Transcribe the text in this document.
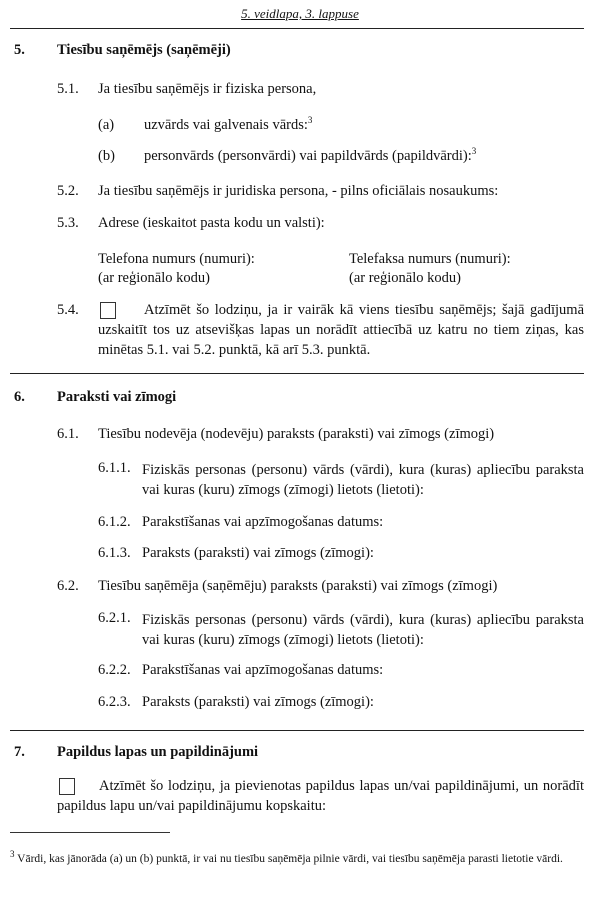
5. veidlapa, 3. lappuse
5. Tiesību saņēmējs (saņēmēji)
5.1. Ja tiesību saņēmējs ir fiziska persona,
(a) uzvārds vai galvenais vārds:$^3$
(b) personvārds (personvārdi) vai papildvārds (papildvārdi):$^3$
5.2. Ja tiesību saņēmējs ir juridiska persona, - pilns oficiālais nosaukums:
5.3. Adrese (ieskaitot pasta kodu un valsti):
Telefona numurs (numuri):
(ar reģionālo kodu)
Telefaksa numurs (numuri):
(ar reģionālo kodu)
5.4.	Atzīmēt šo lodziņu, ja ir vairāk kā viens tiesību saņēmējs; šajā gadījumā uzskaitīt tos uz atsevišķas lapas un norādīt attiecībā uz katru no tiem ziņas, kas minētas 5.1. vai 5.2. punktā, kā arī 5.3. punktā.
6. Paraksti vai zīmogi
6.1. Tiesību nodevēja (nodevēju) paraksts (paraksti) vai zīmogs (zīmogi)
6.1.1. Fiziskās personas (personu) vārds (vārdi), kura (kuras) apliecību paraksta vai kuras (kuru) zīmogs (zīmogi) lietots (lietoti):
6.1.2. Parakstīšanas vai apzīmogošanas datums:
6.1.3. Paraksts (paraksti) vai zīmogs (zīmogi):
6.2. Tiesību saņēmēja (saņēmēju) paraksts (paraksti) vai zīmogs (zīmogi)
6.2.1. Fiziskās personas (personu) vārds (vārdi), kura (kuras) apliecību paraksta vai kuras (kuru) zīmogs (zīmogi) lietots (lietoti):
6.2.2. Parakstīšanas vai apzīmogošanas datums:
6.2.3. Paraksts (paraksti) vai zīmogs (zīmogi):
7. Papildus lapas un papildinājumi
Atzīmēt šo lodziņu, ja pievienotas papildus lapas un/vai papildinājumi, un norādīt papildus lapu un/vai papildinājumu kopskaitu:
$^3$ Vārdi, kas jānorāda (a) un (b) punktā, ir vai nu tiesību saņēmēja pilnie vārdi, vai tiesību saņēmēja parasti lietotie vārdi.
